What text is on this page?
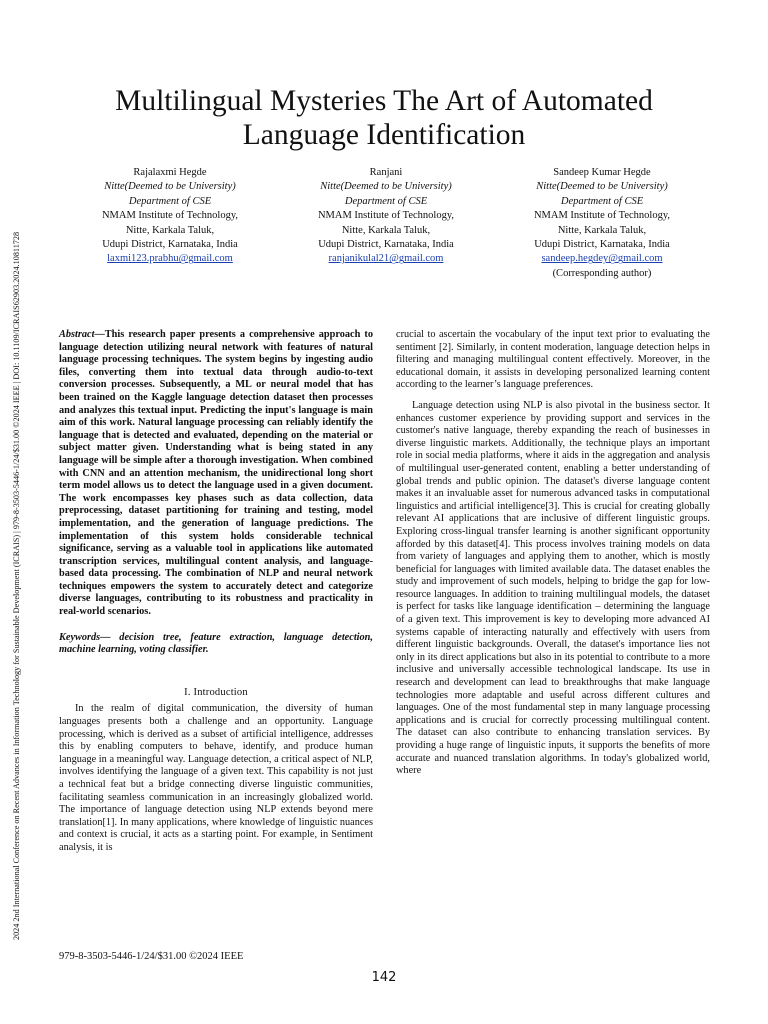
2024 2nd International Conference on Recent Advances in Information Technology for Sustainable Development (ICRAIS) | 979-8-3503-5446-1/24/$31.00 ©2024 IEEE | DOI: 10.1109/ICRAIS62903.2024.10811728
Multilingual Mysteries The Art of Automated
Language Identification
Rajalaxmi Hegde
Nitte(Deemed to be University)
Department of CSE
NMAM Institute of Technology,
Nitte, Karkala Taluk,
Udupi District, Karnataka, India
laxmi123.prabhu@gmail.com
Ranjani
Nitte(Deemed to be University)
Department of CSE
NMAM Institute of Technology,
Nitte, Karkala Taluk,
Udupi District, Karnataka, India
ranjanikulal21@gmail.com
Sandeep Kumar Hegde
Nitte(Deemed to be University)
Department of CSE
NMAM Institute of Technology,
Nitte, Karkala Taluk,
Udupi District, Karnataka, India
sandeep.hegdey@gmail.com
(Corresponding author)

Abstract—This research paper presents a comprehensive approach to language detection utilizing neural network with features of natural language processing techniques. The system begins by ingesting audio files, converting them into textual data through audio-to-text conversion processes. Subsequently, a ML or neural model that has been trained on the Kaggle language detection dataset then processes and analyzes this textual input. Predicting the input's language is main aim of this work. Natural language processing can reliably identify the language that is detected and evaluated, depending on the material or subject matter given. Understanding what is being stated in any language will be simple after a thorough investigation. When combined with CNN and an attention mechanism, the unidirectional long short term model allows us to detect the language used in a given document. The work encompasses key phases such as data collection, data preprocessing, dataset partitioning for training and testing, model implementation, and the generation of language predictions. The implementation of this system holds considerable technical significance, serving as a valuable tool in applications like automated transcription services, multilingual content analysis, and language-based data processing. The combination of NLP and neural network techniques empowers the system to accurately detect and categorize diverse languages, contributing to its robustness and practicality in real-world scenarios.

Keywords— decision tree, feature extraction, language detection, machine learning, voting classifier.

I. Introduction

In the realm of digital communication, the diversity of human languages presents both a challenge and an opportunity. Language processing, which is derived as a subset of artificial intelligence, addresses this by enabling computers to behave, identify, and produce human language in a meaningful way. Language detection, a critical aspect of NLP, involves identifying the language of a given text. This capability is not just a technical feat but a bridge connecting diverse linguistic communities, facilitating seamless communication in an increasingly globalized world. The importance of language detection using NLP extends beyond mere translation[1]. In many applications, where knowledge of linguistic nuances and context is crucial, it acts as a starting point. For example, in Sentiment analysis, it is

crucial to ascertain the vocabulary of the input text prior to evaluating the sentiment [2]. Similarly, in content moderation, language detection helps in filtering and managing multilingual content effectively. Moreover, in the educational domain, it assists in developing personalized learning content according to the learner’s language preferences.

Language detection using NLP is also pivotal in the business sector. It enhances customer experience by providing support and services in the customer's native language, thereby expanding the reach of businesses in diverse linguistic markets. Additionally, the technique plays an important role in social media platforms, where it aids in the aggregation and analysis of multilingual user-generated content, enabling a better understanding of global trends and public opinion. The dataset's diverse language content makes it an invaluable asset for numerous advanced tasks in computational linguistics and artificial intelligence[3]. This is crucial for creating globally relevant AI applications that are inclusive of different linguistic groups. Exploring cross-lingual transfer learning is another significant opportunity afforded by this dataset[4]. This process involves training models on data from variety of languages and applying them to another, which is mostly beneficial for languages with limited available data. The dataset enables the study and improvement of such models, helping to bridge the gap for low-resource languages. In addition to training multilingual models, the dataset is perfect for tasks like language identification – determining the language of a given text. This improvement is key to developing more advanced AI systems capable of interacting naturally and effectively with users from different linguistic backgrounds. Overall, the dataset's importance lies not only in its direct applications but also in its potential to contribute to a more inclusive and universally accessible technological landscape. Its use in research and development can lead to breakthroughs that make language technologies more adaptable and useful across different cultures and languages. One of the most fundamental step in many language processing applications and is crucial for correctly processing multilingual content. The dataset can also contribute to enhancing translation services. By providing a huge range of linguistic inputs, it supports the benefits of more accurate and nuanced translation algorithms. In today's globalized world, where

979-8-3503-5446-1/24/$31.00 ©2024 IEEE
142
